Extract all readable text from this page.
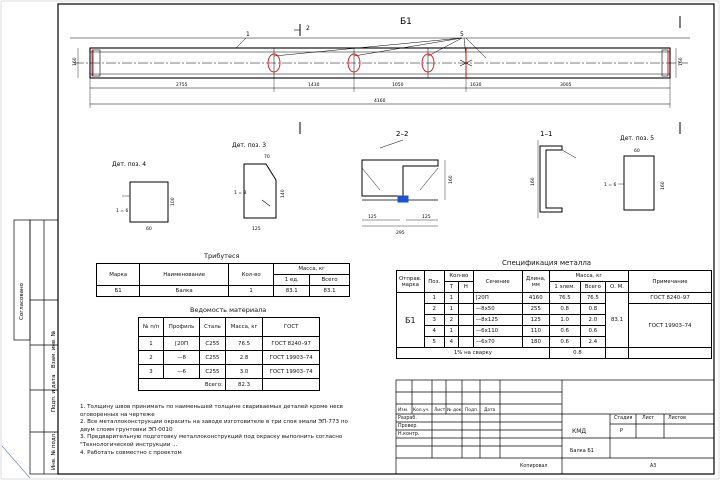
Согласовано
Взам. инв. №
Подп. и дата
Инв. № подл.
Б1
1	5
2
160	160
2755	1430	1050	1630	3005
4160
Дет. поз. 4
1 = 6
60
100
Дет. поз. 3
70
1 = 8
125
140
2–2
125	125
295
160
1–1
160
Дет. поз. 5
1 = 6
60
160
Трибутеся
Марка	Наименование	Кол-во	Масса, кг	
			1 ед.	Всего
Б1	Балка	1	83.1	83.1
Ведомость материала
№ п/п	Профиль	Сталь	Масса, кг	ГОСТ
1	[20П	С255	76.5	ГОСТ 8240–97
2	—8	С255	2.8	ГОСТ 19903–74
3	—6	С255	3.0	ГОСТ 19903–74
Всего:			82.3	
Спецификация металла
Отправ. марка	Поз.	Кол-во		Сечение	Длина, мм	Масса, кг			Примечание
		Т	Н			1 элем.	Всего	О. М.	
Б1	1	1		[20П	4160	76.5	76.5	83.1	ГОСТ 8240–97
	2	1		—8х50	255	0.8	0.8		ГОСТ 19903–74
	3	2		—8х125	125	1.0	2.0		
	4	1		—6х110	110	0.6	0.6		
	5	4		—6х70	180	0.6	2.4		
1% на сварку						0.8			
1. Толщину швов принимать по наименьшей толщине свариваемых деталей кроме несв
оговоренных на чертеже
2. Все металлоконструкции окрасить на заводе изготовителе в три слоя эмали ЭП-773 по
двум слоям грунтовки ЭП-0010
3. Предварительную подготовку металлоконструкций под окраску выполнить согласно
"Технологической инструкции ...
4. Работать совместно с проектом
Изм. Кол.уч. Лист № док. Подп. Дата
Разраб.
Провер.
Н.контр.	КМД
Стадия Лист	Листов
Р
Балка Б1
Копировал	А3
